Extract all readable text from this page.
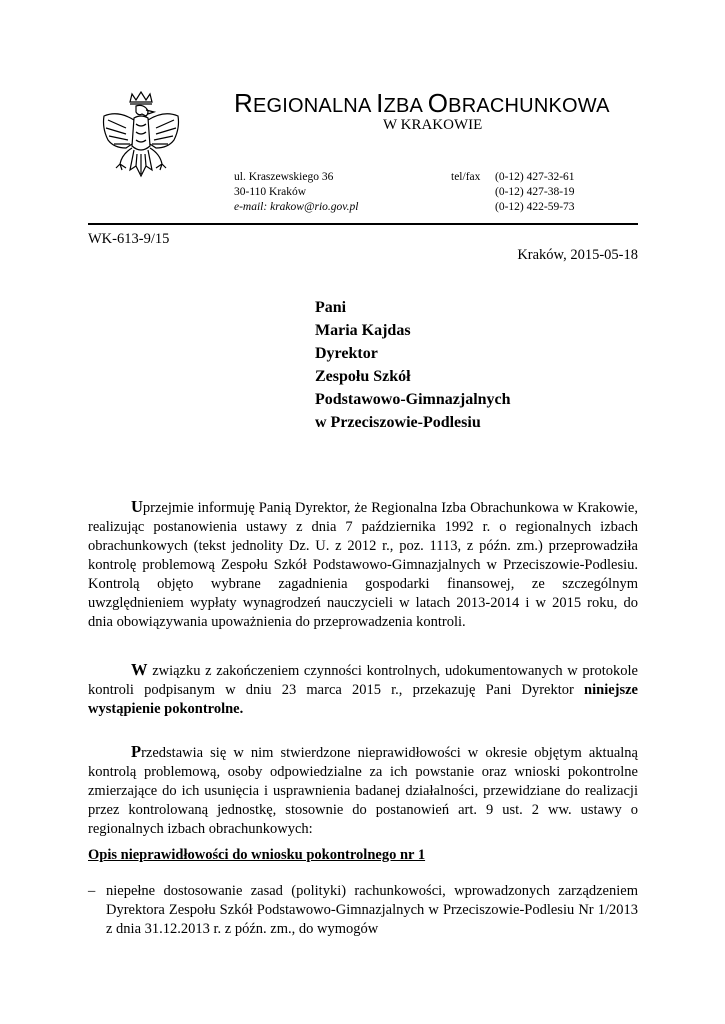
REGIONALNA IZBA OBRACHUNKOWA
W KRAKOWIE
ul. Kraszewskiego 36
30-110 Kraków
e-mail: krakow@rio.gov.pl
tel/fax (0-12) 427-32-61
(0-12) 427-38-19
(0-12) 422-59-73
WK-613-9/15
Kraków, 2015-05-18
Pani
Maria Kajdas
Dyrektor
Zespołu Szkół
Podstawowo-Gimnazjalnych
w Przeciszowie-Podlesiu
Uprzejmie informuję Panią Dyrektor, że Regionalna Izba Obrachunkowa w Krakowie, realizując postanowienia ustawy z dnia 7 października 1992 r. o regionalnych izbach obrachunkowych (tekst jednolity Dz. U. z 2012 r., poz. 1113, z późn. zm.) przeprowadziła kontrolę problemową Zespołu Szkół Podstawowo-Gimnazjalnych w Przeciszowie-Podlesiu. Kontrolą objęto wybrane zagadnienia gospodarki finansowej, ze szczególnym uwzględnieniem wypłaty wynagrodzeń nauczycieli w latach 2013-2014 i w 2015 roku, do dnia obowiązywania upoważnienia do przeprowadzenia kontroli.
W związku z zakończeniem czynności kontrolnych, udokumentowanych w protokole kontroli podpisanym w dniu 23 marca 2015 r., przekazuję Pani Dyrektor niniejsze wystąpienie pokontrolne.
Przedstawia się w nim stwierdzone nieprawidłowości w okresie objętym aktualną kontrolą problemową, osoby odpowiedzialne za ich powstanie oraz wnioski pokontrolne zmierzające do ich usunięcia i usprawnienia badanej działalności, przewidziane do realizacji przez kontrolowaną jednostkę, stosownie do postanowień art. 9 ust. 2 ww. ustawy o regionalnych izbach obrachunkowych:
Opis nieprawidłowości do wniosku pokontrolnego nr 1
– niepełne dostosowanie zasad (polityki) rachunkowości, wprowadzonych zarządzeniem Dyrektora Zespołu Szkół Podstawowo-Gimnazjalnych w Przeciszowie-Podlesiu Nr 1/2013 z dnia 31.12.2013 r. z późn. zm., do wymogów
